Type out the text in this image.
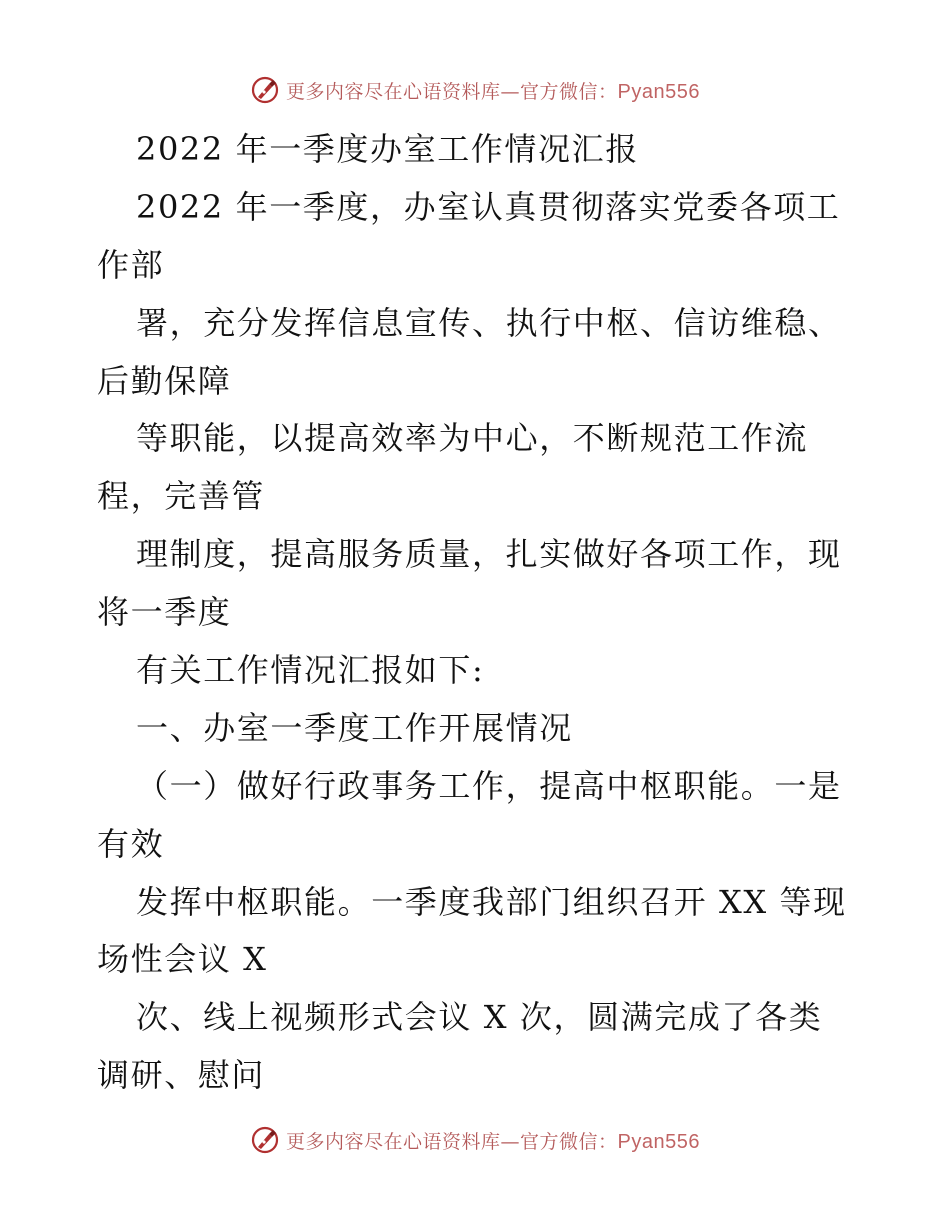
更多内容尽在心语资料库—官方微信：Pyan556

2022 年一季度办室工作情况汇报

2022 年一季度，办室认真贯彻落实党委各项工

作部

署，充分发挥信息宣传、执行中枢、信访维稳、

后勤保障

等职能，以提高效率为中心，不断规范工作流

程，完善管

理制度，提高服务质量，扎实做好各项工作，现

将一季度

有关工作情况汇报如下:

一、办室一季度工作开展情况

（一）做好行政事务工作，提高中枢职能。一是

有效

发挥中枢职能。一季度我部门组织召开 XX 等现

场性会议 X

次、线上视频形式会议 X 次，圆满完成了各类

调研、慰问

更多内容尽在心语资料库—官方微信：Pyan556
